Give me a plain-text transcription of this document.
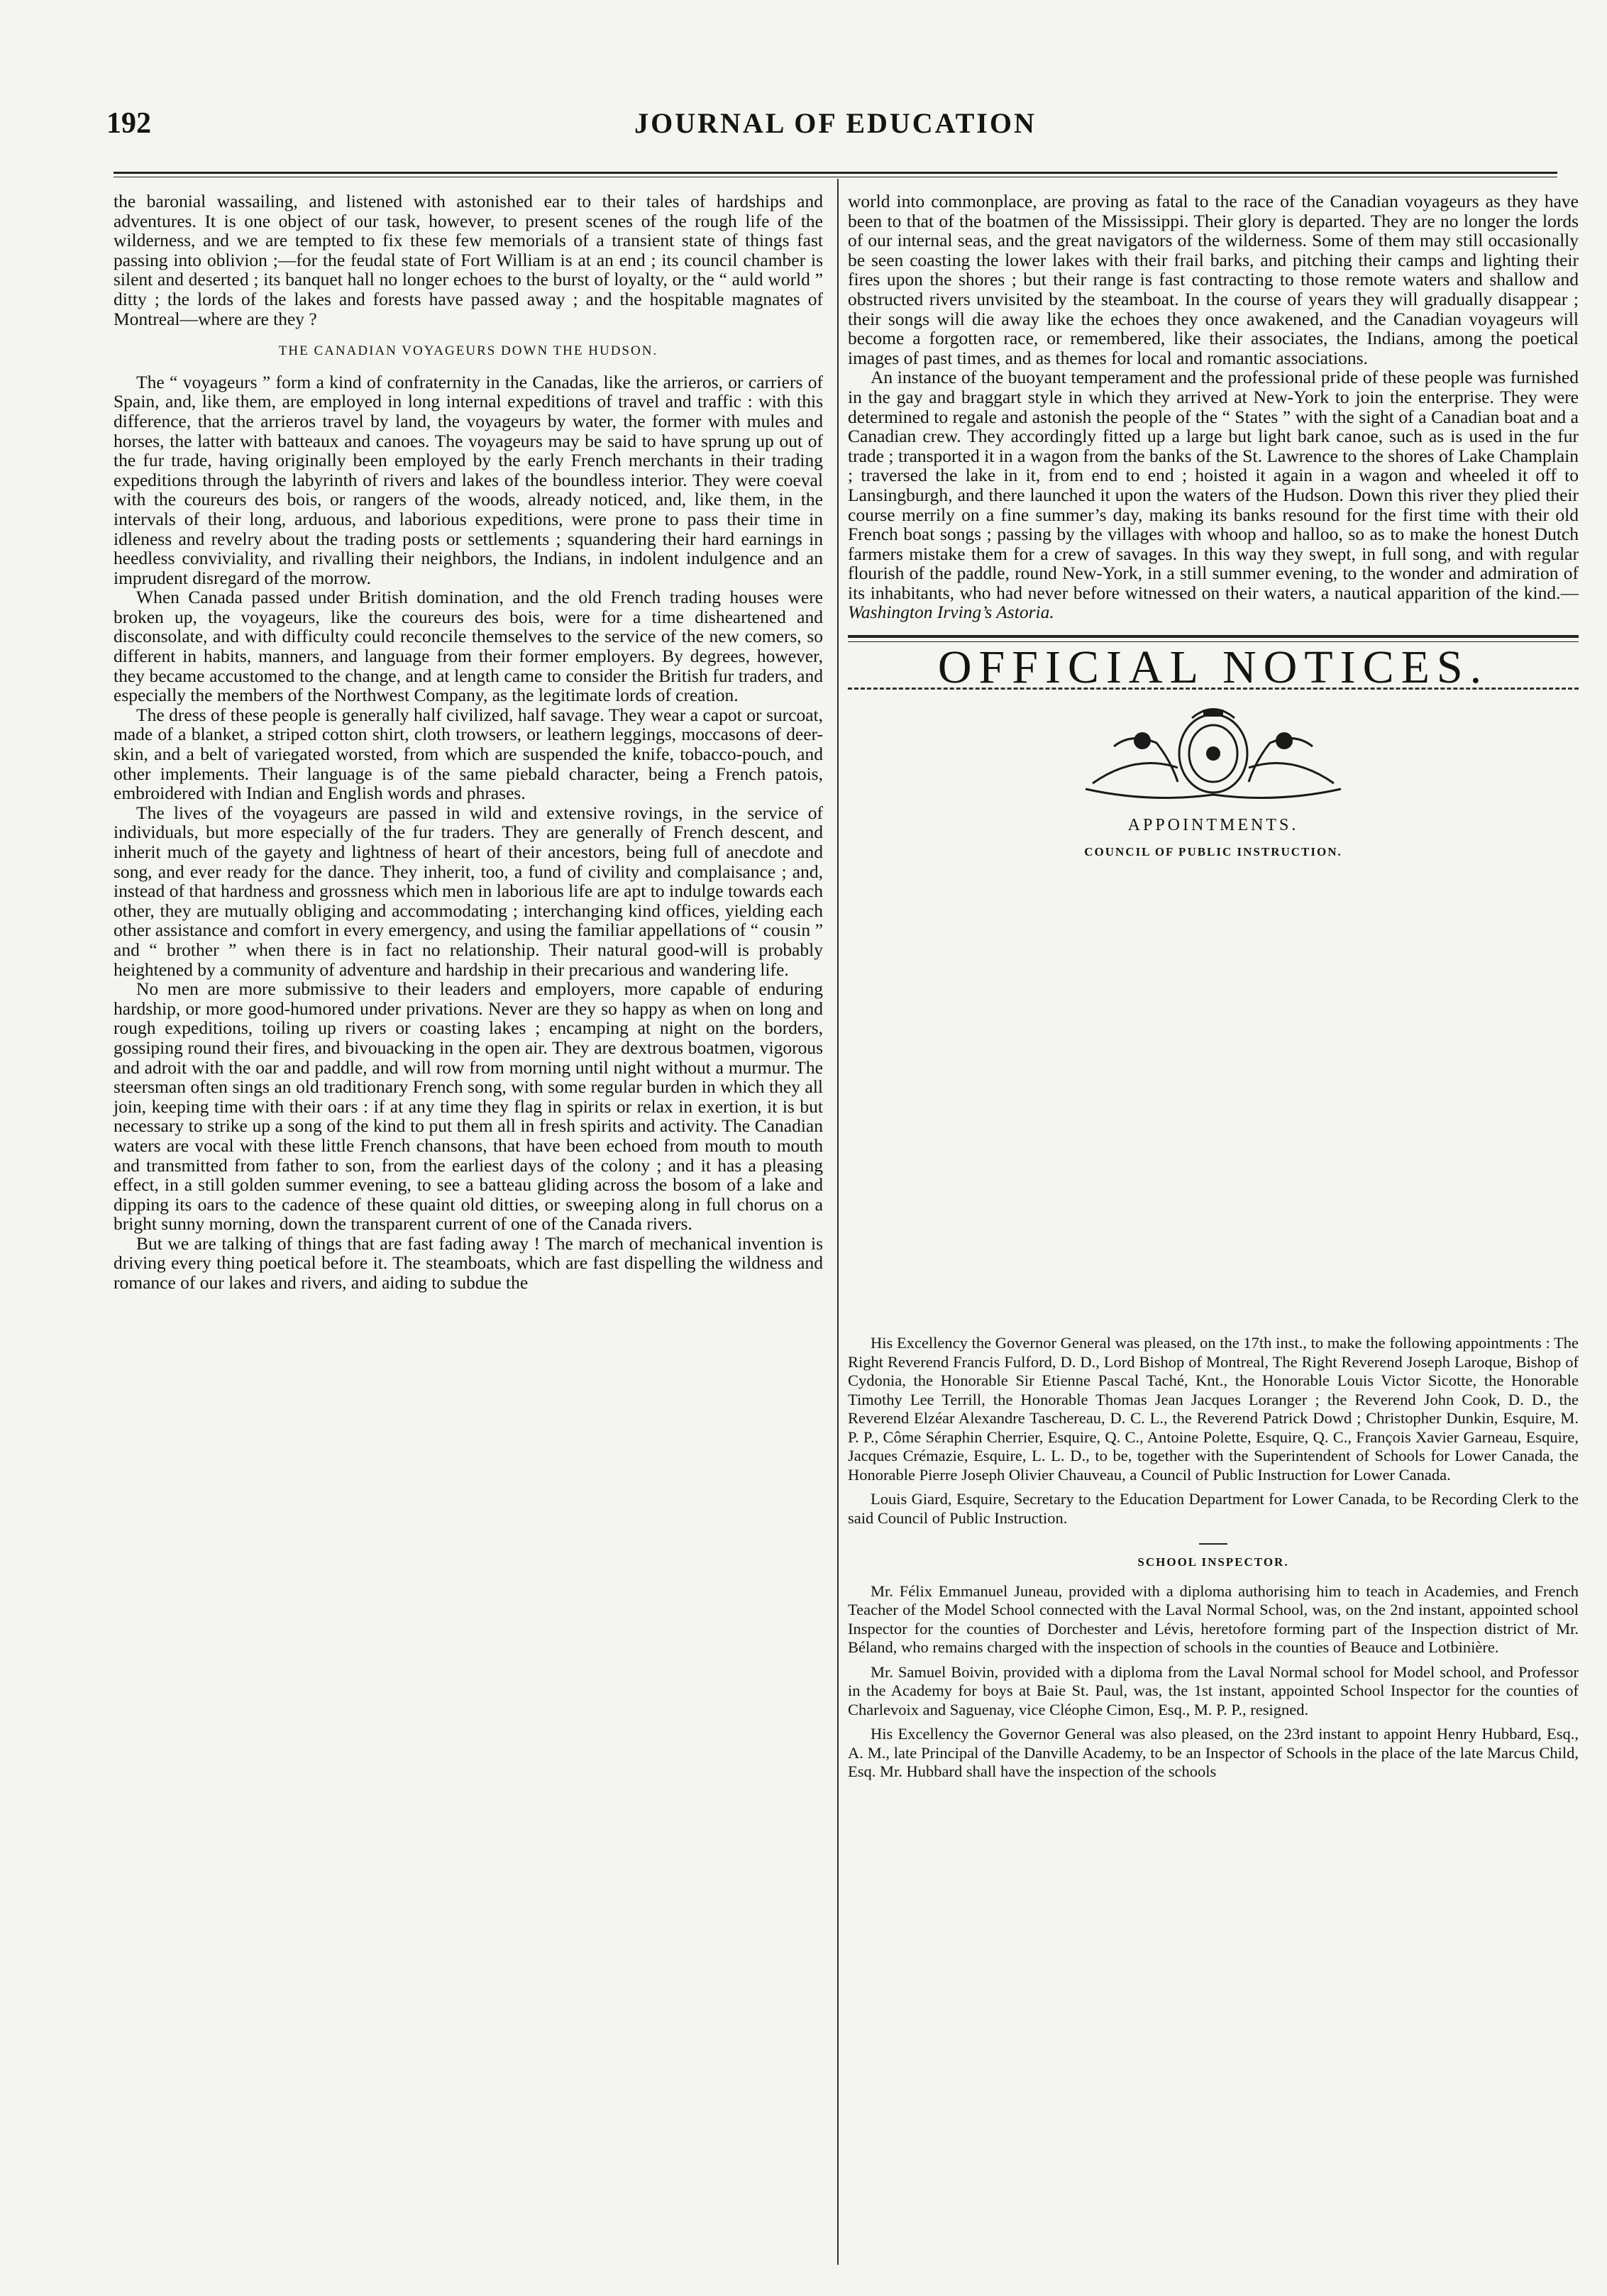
192	JOURNAL OF EDUCATION

the baronial wassailing, and listened with astonished ear to their tales of hardships and adventures. It is one object of our task, however, to present scenes of the rough life of the wilderness, and we are tempted to fix these few memorials of a transient state of things fast passing into oblivion ;—for the feudal state of Fort William is at an end ; its council chamber is silent and deserted ; its banquet hall no longer echoes to the burst of loyalty, or the “ auld world ” ditty ; the lords of the lakes and forests have passed away ; and the hospitable magnates of Montreal—where are they ?

THE CANADIAN VOYAGEURS DOWN THE HUDSON.

The “ voyageurs ” form a kind of confraternity in the Canadas, like the arrieros, or carriers of Spain, and, like them, are employed in long internal expeditions of travel and traffic : with this difference, that the arrieros travel by land, the voyageurs by water, the former with mules and horses, the latter with batteaux and canoes. The voyageurs may be said to have sprung up out of the fur trade, having originally been employed by the early French merchants in their trading expeditions through the labyrinth of rivers and lakes of the boundless interior. They were coeval with the coureurs des bois, or rangers of the woods, already noticed, and, like them, in the intervals of their long, arduous, and laborious expeditions, were prone to pass their time in idleness and revelry about the trading posts or settlements ; squandering their hard earnings in heedless conviviality, and rivalling their neighbors, the Indians, in indolent indulgence and an imprudent disregard of the morrow.

When Canada passed under British domination, and the old French trading houses were broken up, the voyageurs, like the coureurs des bois, were for a time disheartened and disconsolate, and with difficulty could reconcile themselves to the service of the new comers, so different in habits, manners, and language from their former employers. By degrees, however, they became accustomed to the change, and at length came to consider the British fur traders, and especially the members of the Northwest Company, as the legitimate lords of creation.

The dress of these people is generally half civilized, half savage. They wear a capot or surcoat, made of a blanket, a striped cotton shirt, cloth trowsers, or leathern leggings, moccasons of deer-skin, and a belt of variegated worsted, from which are suspended the knife, tobacco-pouch, and other implements. Their language is of the same piebald character, being a French patois, embroidered with Indian and English words and phrases.

The lives of the voyageurs are passed in wild and extensive rovings, in the service of individuals, but more especially of the fur traders. They are generally of French descent, and inherit much of the gayety and lightness of heart of their ancestors, being full of anecdote and song, and ever ready for the dance. They inherit, too, a fund of civility and complaisance ; and, instead of that hardness and grossness which men in laborious life are apt to indulge towards each other, they are mutually obliging and accommodating ; interchanging kind offices, yielding each other assistance and comfort in every emergency, and using the familiar appellations of “ cousin ” and “ brother ” when there is in fact no relationship. Their natural good-will is probably heightened by a community of adventure and hardship in their precarious and wandering life.

No men are more submissive to their leaders and employers, more capable of enduring hardship, or more good-humored under privations. Never are they so happy as when on long and rough expeditions, toiling up rivers or coasting lakes ; encamping at night on the borders, gossiping round their fires, and bivouacking in the open air. They are dextrous boatmen, vigorous and adroit with the oar and paddle, and will row from morning until night without a murmur. The steersman often sings an old traditionary French song, with some regular burden in which they all join, keeping time with their oars : if at any time they flag in spirits or relax in exertion, it is but necessary to strike up a song of the kind to put them all in fresh spirits and activity. The Canadian waters are vocal with these little French chansons, that have been echoed from mouth to mouth and transmitted from father to son, from the earliest days of the colony ; and it has a pleasing effect, in a still golden summer evening, to see a batteau gliding across the bosom of a lake and dipping its oars to the cadence of these quaint old ditties, or sweeping along in full chorus on a bright sunny morning, down the transparent current of one of the Canada rivers.

But we are talking of things that are fast fading away ! The march of mechanical invention is driving every thing poetical before it. The steamboats, which are fast dispelling the wildness and romance of our lakes and rivers, and aiding to subdue the

world into commonplace, are proving as fatal to the race of the Canadian voyageurs as they have been to that of the boatmen of the Mississippi. Their glory is departed. They are no longer the lords of our internal seas, and the great navigators of the wilderness. Some of them may still occasionally be seen coasting the lower lakes with their frail barks, and pitching their camps and lighting their fires upon the shores ; but their range is fast contracting to those remote waters and shallow and obstructed rivers unvisited by the steamboat. In the course of years they will gradually disappear ; their songs will die away like the echoes they once awakened, and the Canadian voyageurs will become a forgotten race, or remembered, like their associates, the Indians, among the poetical images of past times, and as themes for local and romantic associations.

An instance of the buoyant temperament and the professional pride of these people was furnished in the gay and braggart style in which they arrived at New-York to join the enterprise. They were determined to regale and astonish the people of the “ States ” with the sight of a Canadian boat and a Canadian crew. They accordingly fitted up a large but light bark canoe, such as is used in the fur trade ; transported it in a wagon from the banks of the St. Lawrence to the shores of Lake Champlain ; traversed the lake in it, from end to end ; hoisted it again in a wagon and wheeled it off to Lansingburgh, and there launched it upon the waters of the Hudson. Down this river they plied their course merrily on a fine summer’s day, making its banks resound for the first time with their old French boat songs ; passing by the villages with whoop and halloo, so as to make the honest Dutch farmers mistake them for a crew of savages. In this way they swept, in full song, and with regular flourish of the paddle, round New-York, in a still summer evening, to the wonder and admiration of its inhabitants, who had never before witnessed on their waters, a nautical apparition of the kind.—Washington Irving’s Astoria.

OFFICIAL NOTICES.
APPOINTMENTS.
COUNCIL OF PUBLIC INSTRUCTION.

His Excellency the Governor General was pleased, on the 17th inst., to make the following appointments : The Right Reverend Francis Fulford, D. D., Lord Bishop of Montreal, The Right Reverend Joseph Laroque, Bishop of Cydonia, the Honorable Sir Etienne Pascal Taché, Knt., the Honorable Louis Victor Sicotte, the Honorable Timothy Lee Terrill, the Honorable Thomas Jean Jacques Loranger ; the Reverend John Cook, D. D., the Reverend Elzéar Alexandre Taschereau, D. C. L., the Reverend Patrick Dowd ; Christopher Dunkin, Esquire, M. P. P., Côme Séraphin Cherrier, Esquire, Q. C., Antoine Polette, Esquire, Q. C., François Xavier Garneau, Esquire, Jacques Crémazie, Esquire, L. L. D., to be, together with the Superintendent of Schools for Lower Canada, the Honorable Pierre Joseph Olivier Chauveau, a Council of Public Instruction for Lower Canada.

Louis Giard, Esquire, Secretary to the Education Department for Lower Canada, to be Recording Clerk to the said Council of Public Instruction.

SCHOOL INSPECTOR.

Mr. Félix Emmanuel Juneau, provided with a diploma authorising him to teach in Academies, and French Teacher of the Model School connected with the Laval Normal School, was, on the 2nd instant, appointed school Inspector for the counties of Dorchester and Lévis, heretofore forming part of the Inspection district of Mr. Béland, who remains charged with the inspection of schools in the counties of Beauce and Lotbinière.

Mr. Samuel Boivin, provided with a diploma from the Laval Normal school for Model school, and Professor in the Academy for boys at Baie St. Paul, was, the 1st instant, appointed School Inspector for the counties of Charlevoix and Saguenay, vice Cléophe Cimon, Esq., M. P. P., resigned.

His Excellency the Governor General was also pleased, on the 23rd instant to appoint Henry Hubbard, Esq., A. M., late Principal of the Danville Academy, to be an Inspector of Schools in the place of the late Marcus Child, Esq. Mr. Hubbard shall have the inspection of the schools
